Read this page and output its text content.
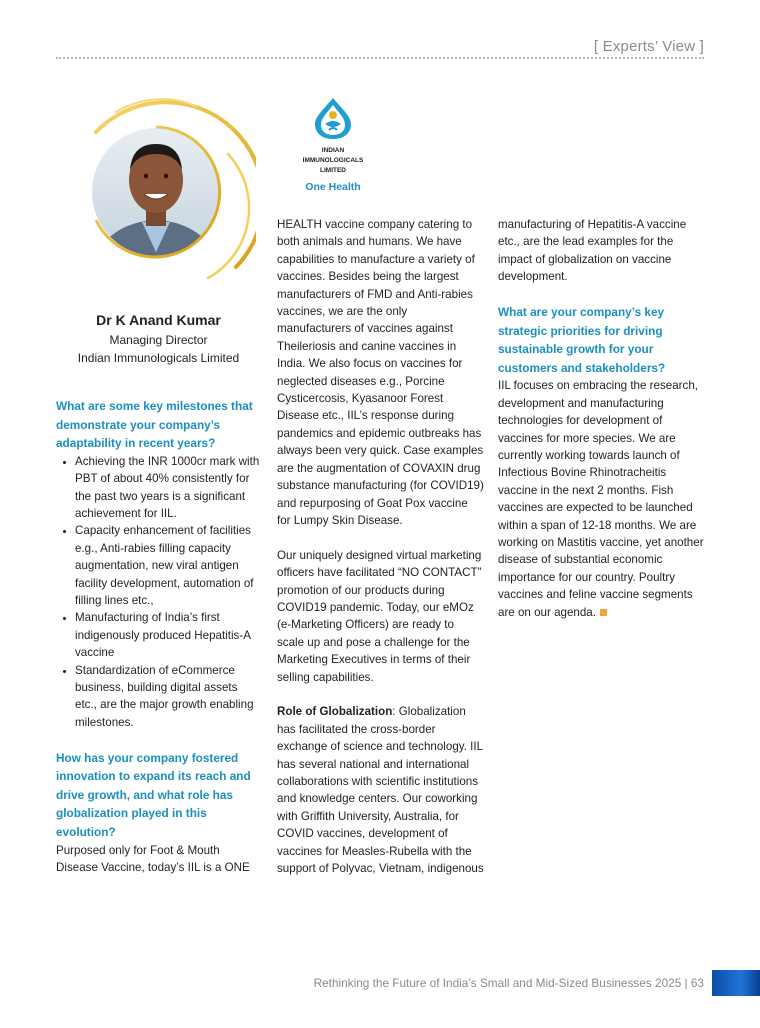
[ Experts’ View ]
Dr K Anand Kumar
Managing Director
Indian Immunologicals Limited
INDIAN
IMMUNOLOGICALS
LIMITED
One Health

What are some key milestones that demonstrate your company’s adaptability in recent years?

• Achieving the INR 1000cr mark with PBT of about 40% consistently for the past two years is a significant achievement for IIL.
• Capacity enhancement of facilities e.g., Anti-rabies filling capacity augmentation, new viral antigen facility development, automation of filling lines etc.,
• Manufacturing of India’s first indigenously produced Hepatitis-A vaccine
• Standardization of eCommerce business, building digital assets etc., are the major growth enabling milestones.

How has your company fostered innovation to expand its reach and drive growth, and what role has globalization played in this evolution?

Purposed only for Foot & Mouth Disease Vaccine, today’s IIL is a ONE

HEALTH vaccine company catering to both animals and humans. We have capabilities to manufacture a variety of vaccines. Besides being the largest manufacturers of FMD and Anti-rabies vaccines, we are the only manufacturers of vaccines against Theileriosis and canine vaccines in India. We also focus on vaccines for neglected diseases e.g., Porcine Cysticercosis, Kyasanoor Forest Disease etc., IIL’s response during pandemics and epidemic outbreaks has always been very quick. Case examples are the augmentation of COVAXIN drug substance manufacturing (for COVID19) and repurposing of Goat Pox vaccine for Lumpy Skin Disease.

Our uniquely designed virtual marketing officers have facilitated “NO CONTACT” promotion of our products during COVID19 pandemic. Today, our eMOz (e-Marketing Officers) are ready to scale up and pose a challenge for the Marketing Executives in terms of their selling capabilities.

Role of Globalization: Globalization has facilitated the cross-border exchange of science and technology. IIL has several national and international collaborations with scientific institutions and knowledge centers. Our coworking with Griffith University, Australia, for COVID vaccines, development of vaccines for Measles-Rubella with the support of Polyvac, Vietnam, indigenous

manufacturing of Hepatitis-A vaccine etc., are the lead examples for the impact of globalization on vaccine development.

What are your company’s key strategic priorities for driving sustainable growth for your customers and stakeholders?

IIL focuses on embracing the research, development and manufacturing technologies for development of vaccines for more species. We are currently working towards launch of Infectious Bovine Rhinotracheitis vaccine in the next 2 months. Fish vaccines are expected to be launched within a span of 12-18 months. We are working on Mastitis vaccine, yet another disease of substantial economic importance for our country. Poultry vaccines and feline vaccine segments are on our agenda.

Rethinking the Future of India’s Small and Mid-Sized Businesses 2025 | 63
